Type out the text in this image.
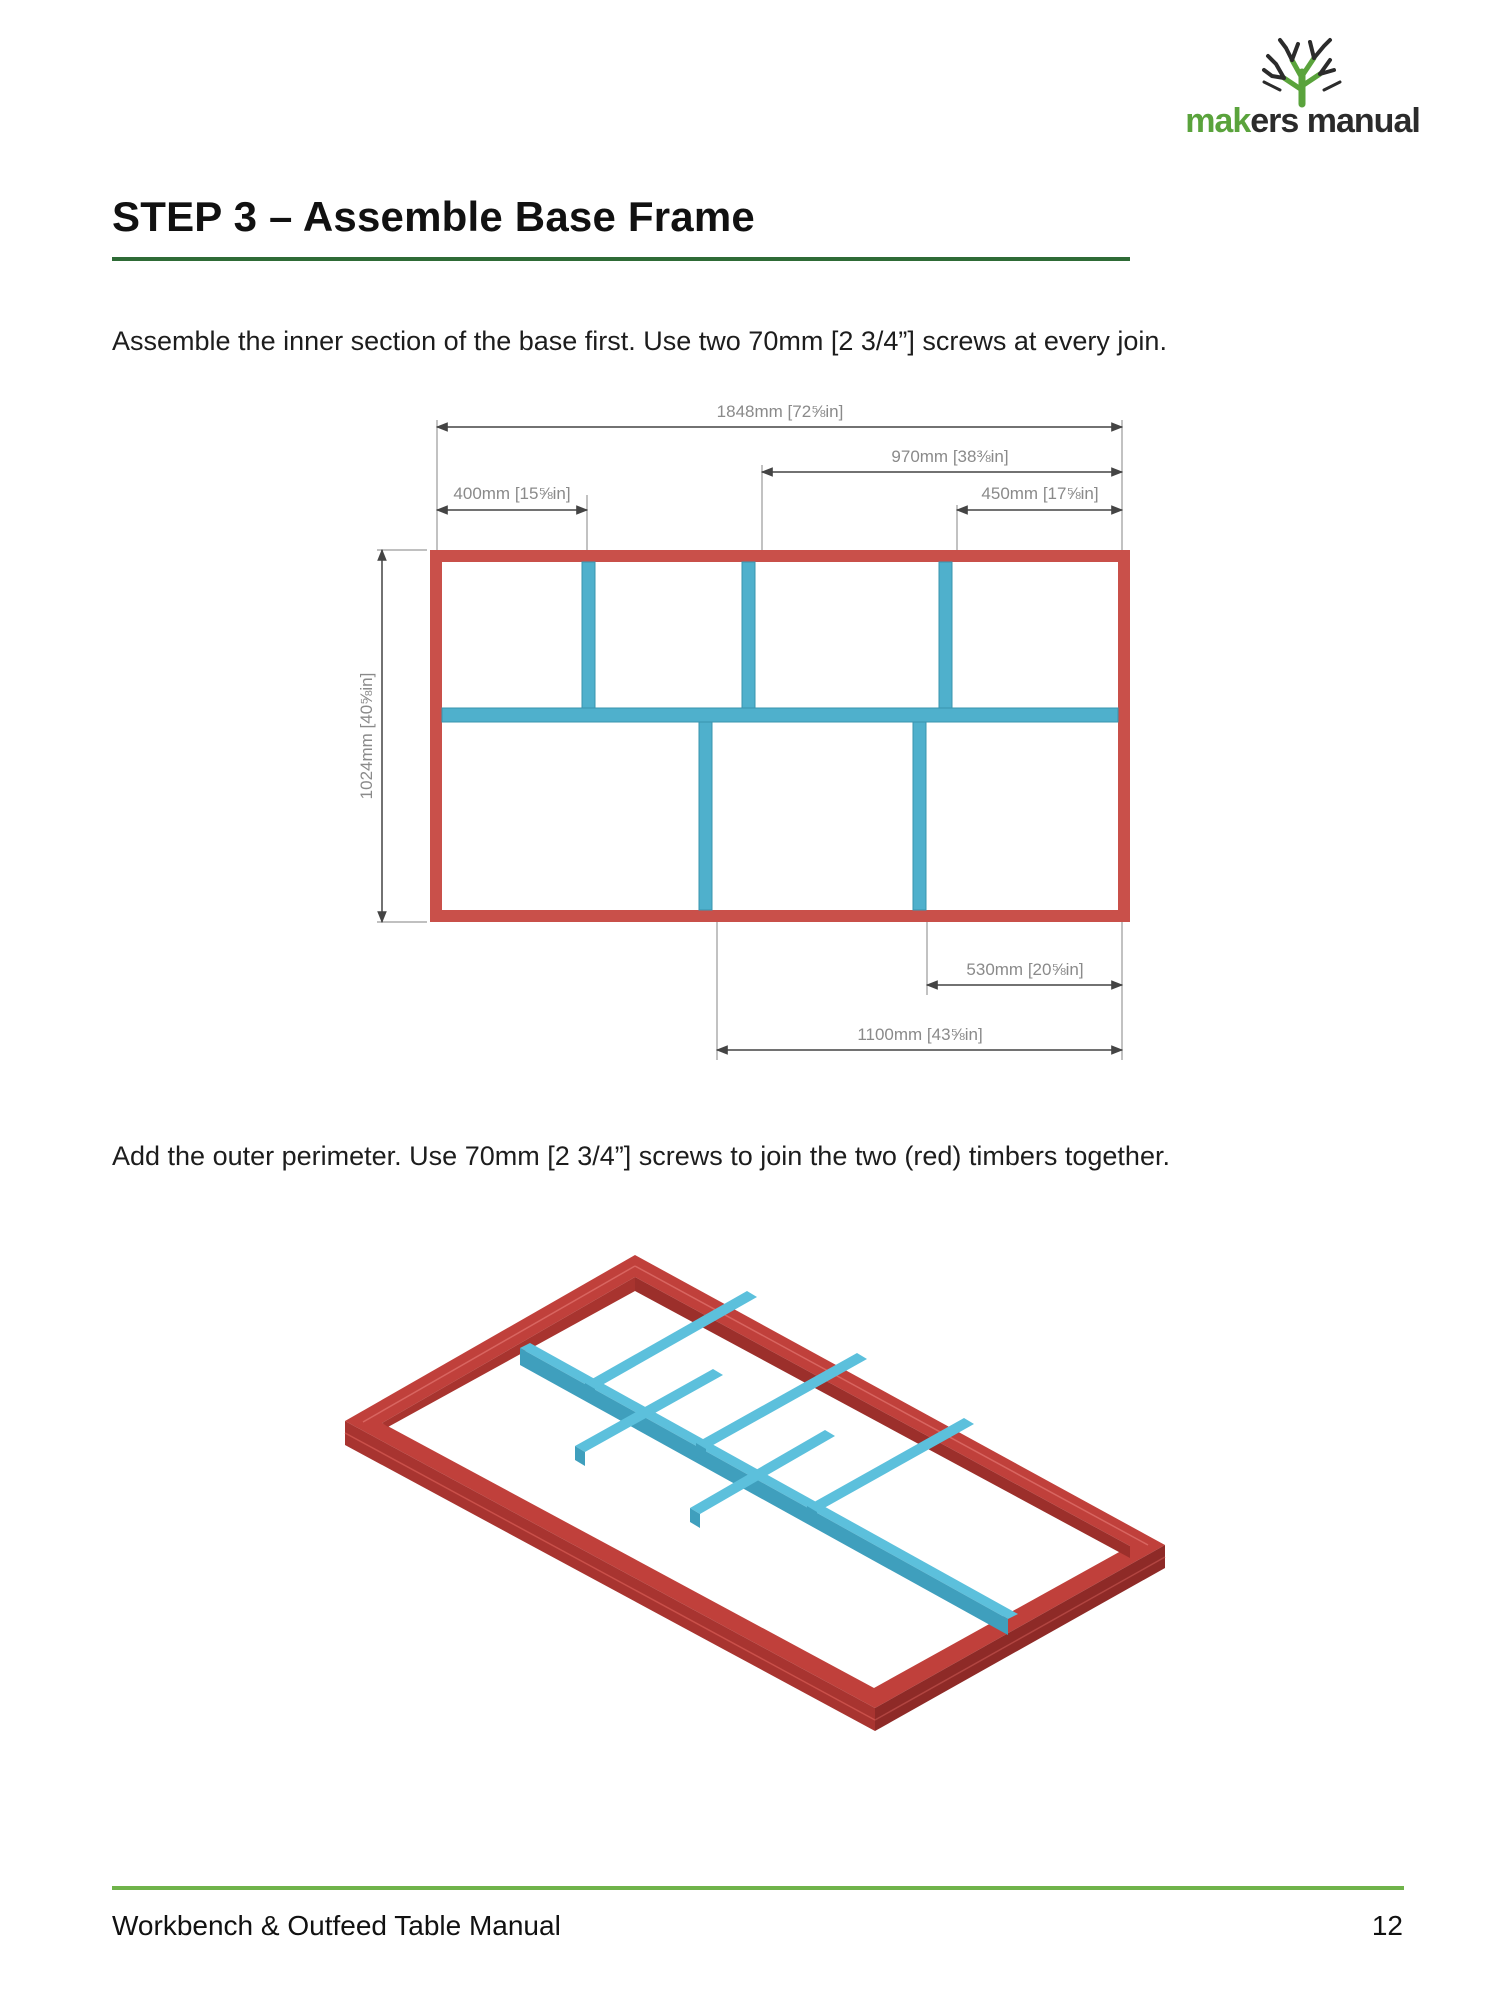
makers manual
STEP 3 – Assemble Base Frame

Assemble the inner section of the base first. Use two 70mm [2 3/4”] screws at every join.

1848mm [72⅝in]
970mm [38⅜in]
400mm [15⅝in]	450mm [17⅝in]
1024mm [40⅝in]
530mm [20⅝in]
1100mm [43⅝in]

Add the outer perimeter. Use 70mm [2 3/4”] screws to join the two (red) timbers together.

Workbench & Outfeed Table Manual	12
